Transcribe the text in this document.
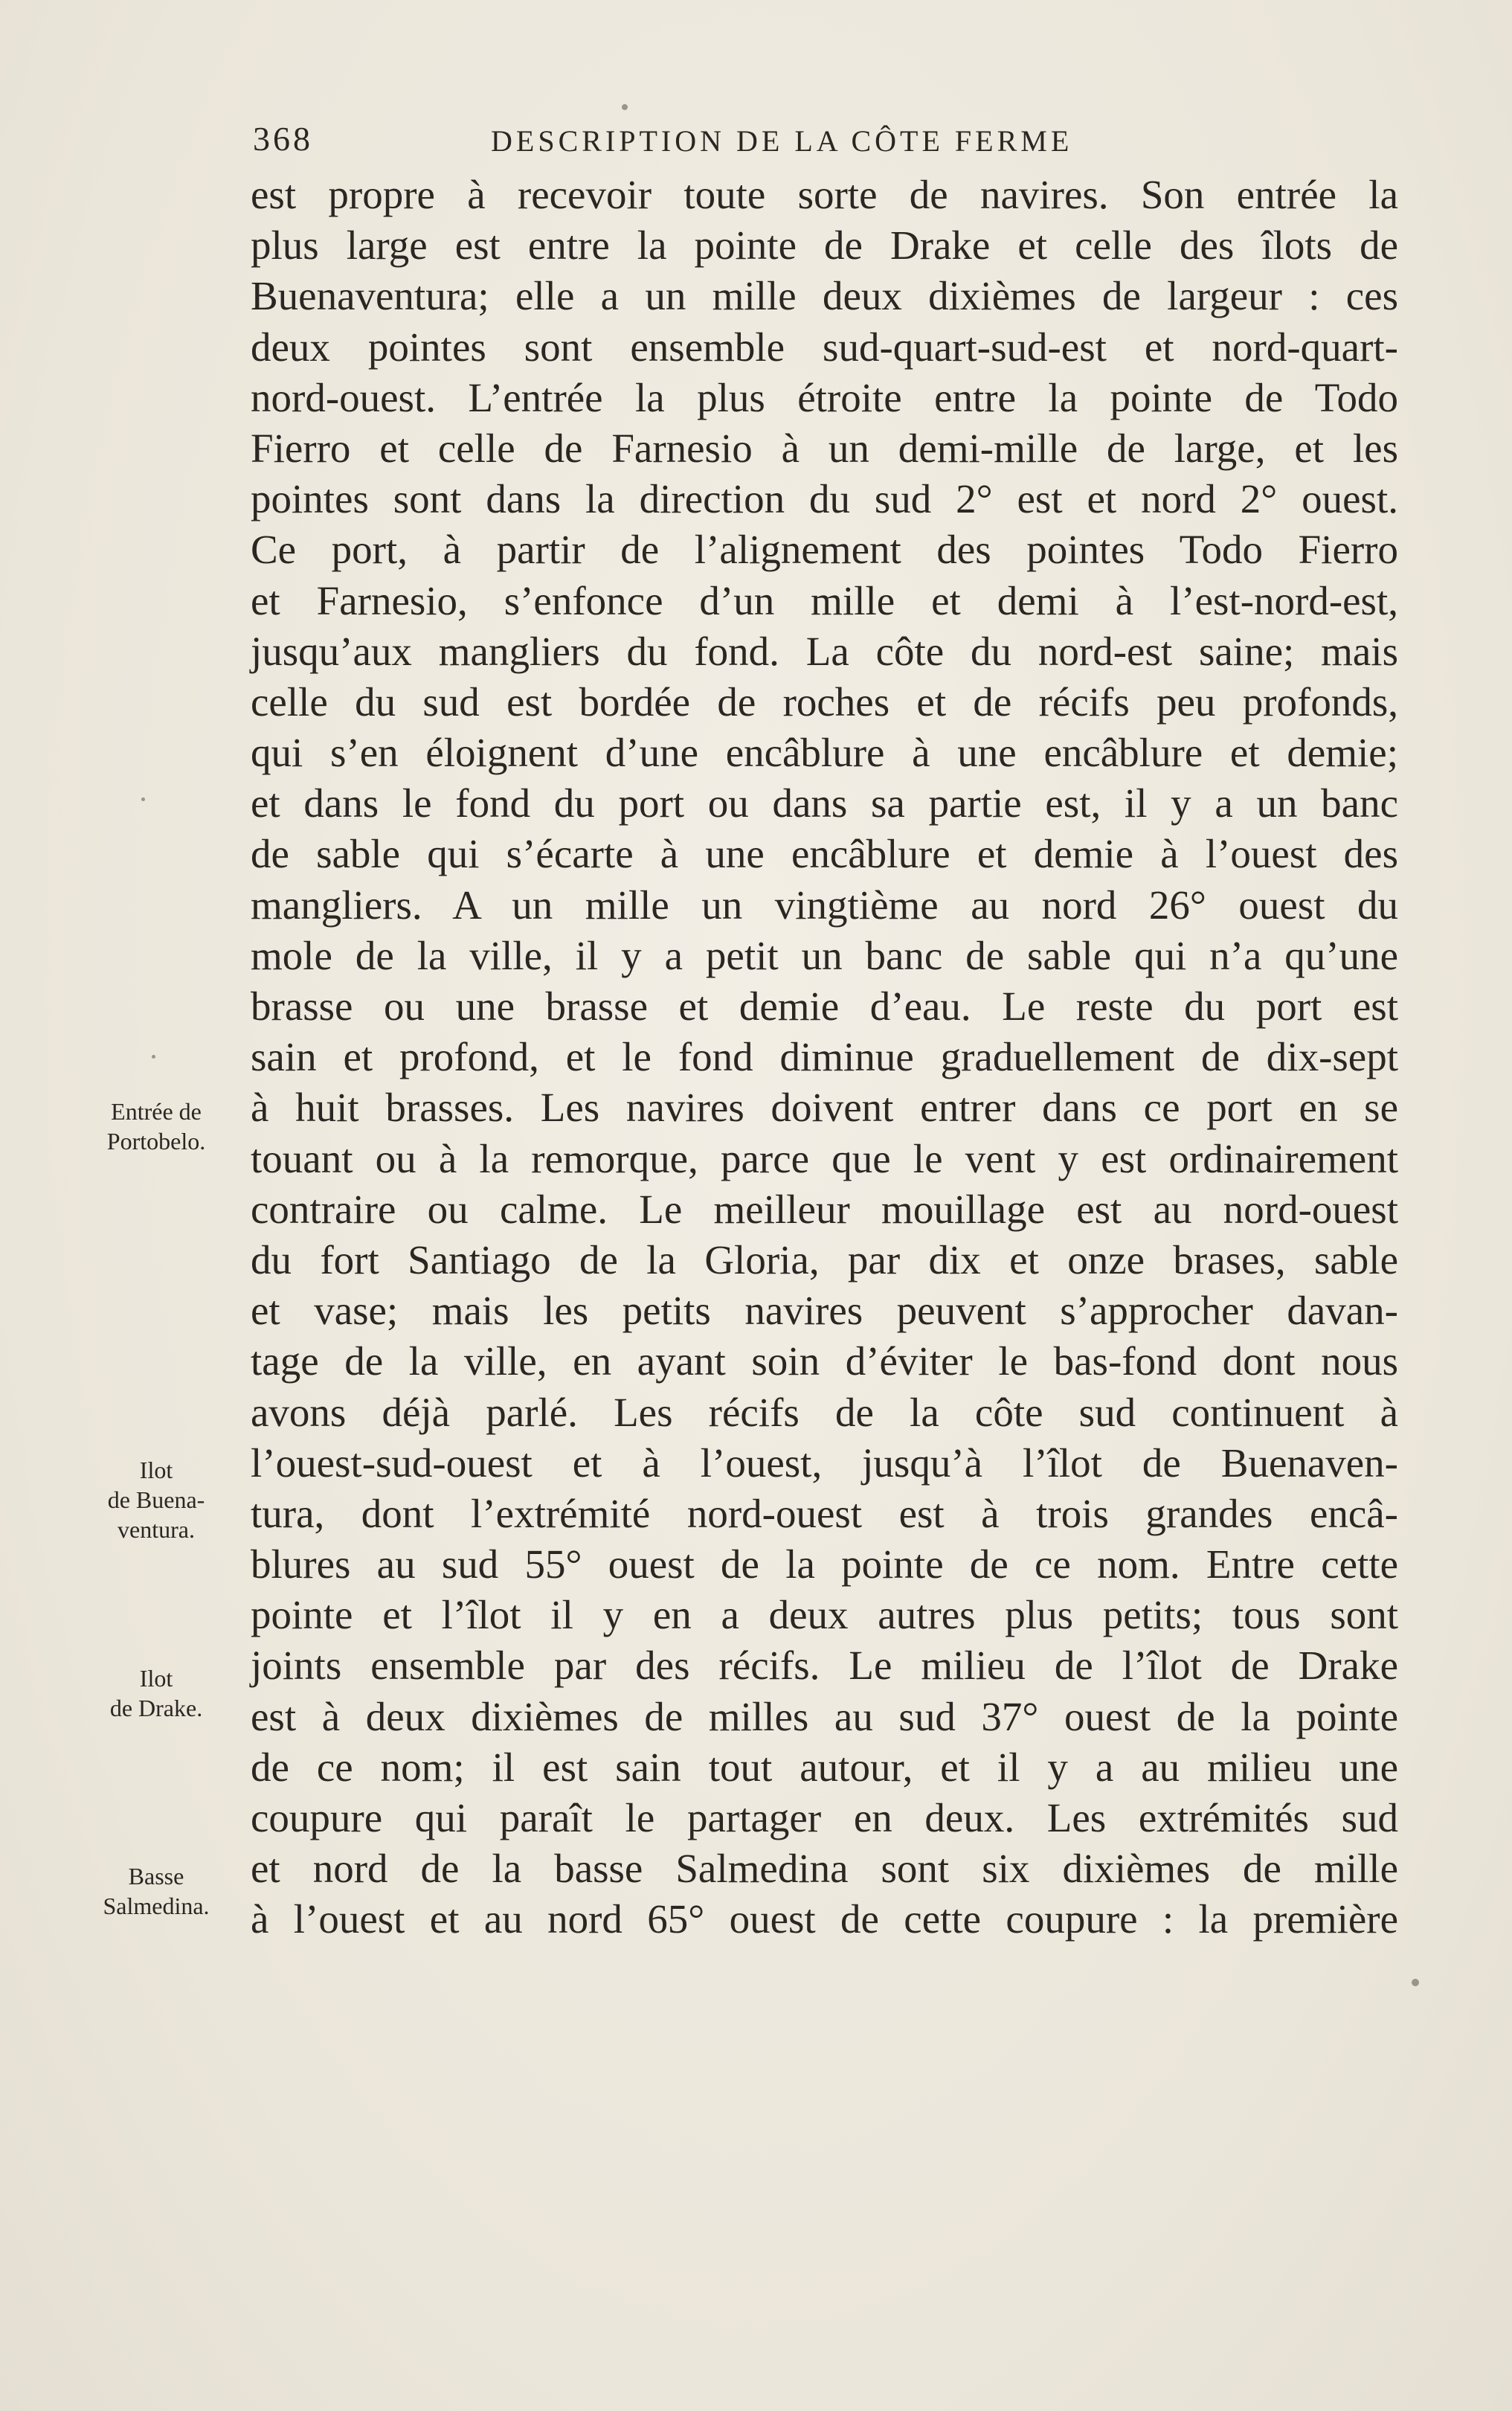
368	DESCRIPTION DE LA CÔTE FERME
est propre à recevoir toute sorte de navires. Son entrée la
plus large est entre la pointe de Drake et celle des îlots de
Buenaventura; elle a un mille deux dixièmes de largeur : ces
deux pointes sont ensemble sud-quart-sud-est et nord-quart-
nord-ouest. L’entrée la plus étroite entre la pointe de Todo
Fierro et celle de Farnesio à un demi-mille de large, et les
pointes sont dans la direction du sud 2° est et nord 2° ouest.
Ce port, à partir de l’alignement des pointes Todo Fierro
et Farnesio, s’enfonce d’un mille et demi à l’est-nord-est,
jusqu’aux mangliers du fond. La côte du nord-est saine; mais
celle du sud est bordée de roches et de récifs peu profonds,
qui s’en éloignent d’une encâblure à une encâblure et demie;
et dans le fond du port ou dans sa partie est, il y a un banc
de sable qui s’écarte à une encâblure et demie à l’ouest des
mangliers. A un mille un vingtième au nord 26° ouest du
mole de la ville, il y a petit un banc de sable qui n’a qu’une
brasse ou une brasse et demie d’eau. Le reste du port est
sain et profond, et le fond diminue graduellement de dix-sept
à huit brasses. Les navires doivent entrer dans ce port en se
touant ou à la remorque, parce que le vent y est ordinairement
contraire ou calme. Le meilleur mouillage est au nord-ouest
du fort Santiago de la Gloria, par dix et onze brases, sable
et vase; mais les petits navires peuvent s’approcher davan-
tage de la ville, en ayant soin d’éviter le bas-fond dont nous
avons déjà parlé. Les récifs de la côte sud continuent à
l’ouest-sud-ouest et à l’ouest, jusqu’à l’îlot de Buenaven-
tura, dont l’extrémité nord-ouest est à trois grandes encâ-
blures au sud 55° ouest de la pointe de ce nom. Entre cette
pointe et l’îlot il y en a deux autres plus petits; tous sont
joints ensemble par des récifs. Le milieu de l’îlot de Drake
est à deux dixièmes de milles au sud 37° ouest de la pointe
de ce nom; il est sain tout autour, et il y a au milieu une
coupure qui paraît le partager en deux. Les extrémités sud
et nord de la basse Salmedina sont six dixièmes de mille
à l’ouest et au nord 65° ouest de cette coupure : la première
Entrée de
Portobelo.
Ilot
de Buena-
ventura.
Ilot
de Drake.
Basse
Salmedina.
